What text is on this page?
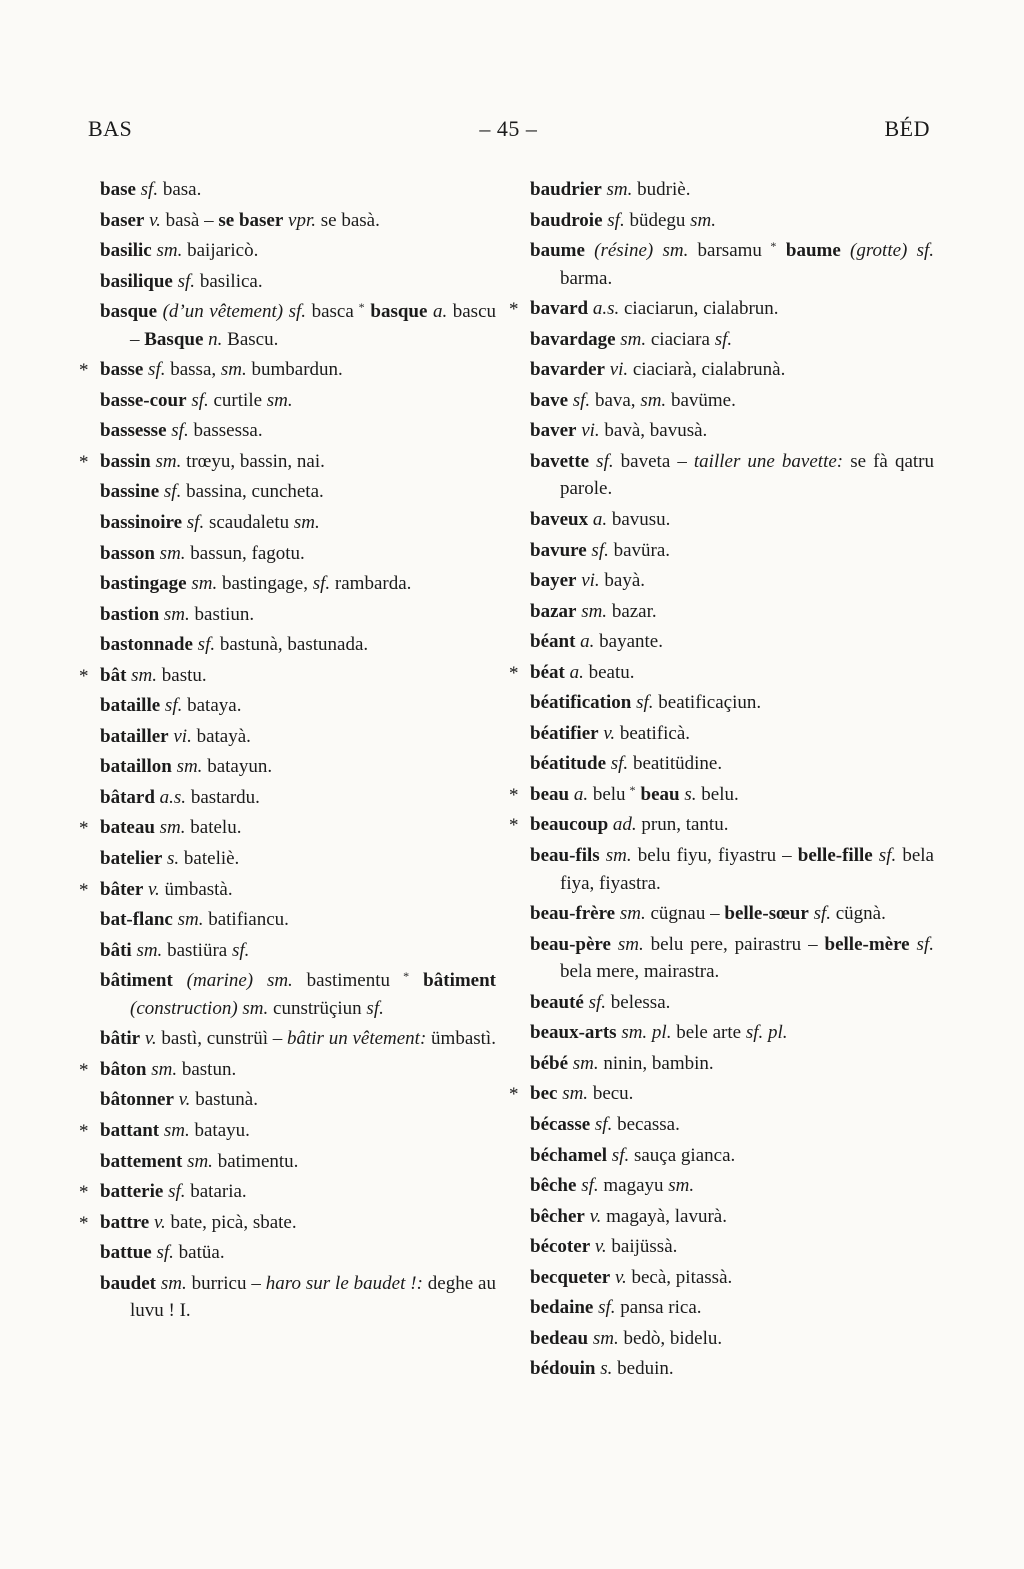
BAS	– 45 –	BÉD
base sf. basa.
baser v. basà – se baser vpr. se basà.
basilic sm. baijaricò.
basilique sf. basilica.
basque (d’un vêtement) sf. basca * basque a. bascu – Basque n. Bascu.
* basse sf. bassa, sm. bumbardun.
basse-cour sf. curtile sm.
bassesse sf. bassessa.
* bassin sm. trœyu, bassin, nai.
bassine sf. bassina, cuncheta.
bassinoire sf. scaudaletu sm.
basson sm. bassun, fagotu.
bastingage sm. bastingage, sf. rambarda.
bastion sm. bastiun.
bastonnade sf. bastunà, bastunada.
* bât sm. bastu.
bataille sf. bataya.
batailler vi. batayà.
bataillon sm. batayun.
bâtard a.s. bastardu.
* bateau sm. batelu.
batelier s. bateliè.
* bâter v. ümbastà.
bat-flanc sm. batifiancu.
bâti sm. bastiüra sf.
bâtiment (marine) sm. bastimentu * bâtiment (construction) sm. cunstrüçiun sf.
bâtir v. bastì, cunstrüì – bâtir un vêtement: ümbastì.
* bâton sm. bastun.
bâtonner v. bastunà.
* battant sm. batayu.
battement sm. batimentu.
* batterie sf. bataria.
* battre v. bate, picà, sbate.
battue sf. batüa.
baudet sm. burricu – haro sur le baudet !: deghe au luvu ! I.
baudrier sm. budriè.
baudroie sf. büdegu sm.
baume (résine) sm. barsamu * baume (grotte) sf. barma.
* bavard a.s. ciaciarun, cialabrun.
bavardage sm. ciaciara sf.
bavarder vi. ciaciarà, cialabrunà.
bave sf. bava, sm. bavüme.
baver vi. bavà, bavusà.
bavette sf. baveta – tailler une bavette: se fà qatru parole.
baveux a. bavusu.
bavure sf. bavüra.
bayer vi. bayà.
bazar sm. bazar.
béant a. bayante.
* béat a. beatu.
béatification sf. beatificaçiun.
béatifier v. beatificà.
béatitude sf. beatitüdine.
* beau a. belu * beau s. belu.
* beaucoup ad. prun, tantu.
beau-fils sm. belu fiyu, fiyastru – belle-fille sf. bela fiya, fiyastra.
beau-frère sm. cügnau – belle-sœur sf. cügnà.
beau-père sm. belu pere, pairastru – belle-mère sf. bela mere, mairastra.
beauté sf. belessa.
beaux-arts sm. pl. bele arte sf. pl.
bébé sm. ninin, bambin.
* bec sm. becu.
bécasse sf. becassa.
béchamel sf. sauça gianca.
bêche sf. magayu sm.
bêcher v. magayà, lavurà.
bécoter v. baijüssà.
becqueter v. becà, pitassà.
bedaine sf. pansa rica.
bedeau sm. bedò, bidelu.
bédouin s. beduin.
